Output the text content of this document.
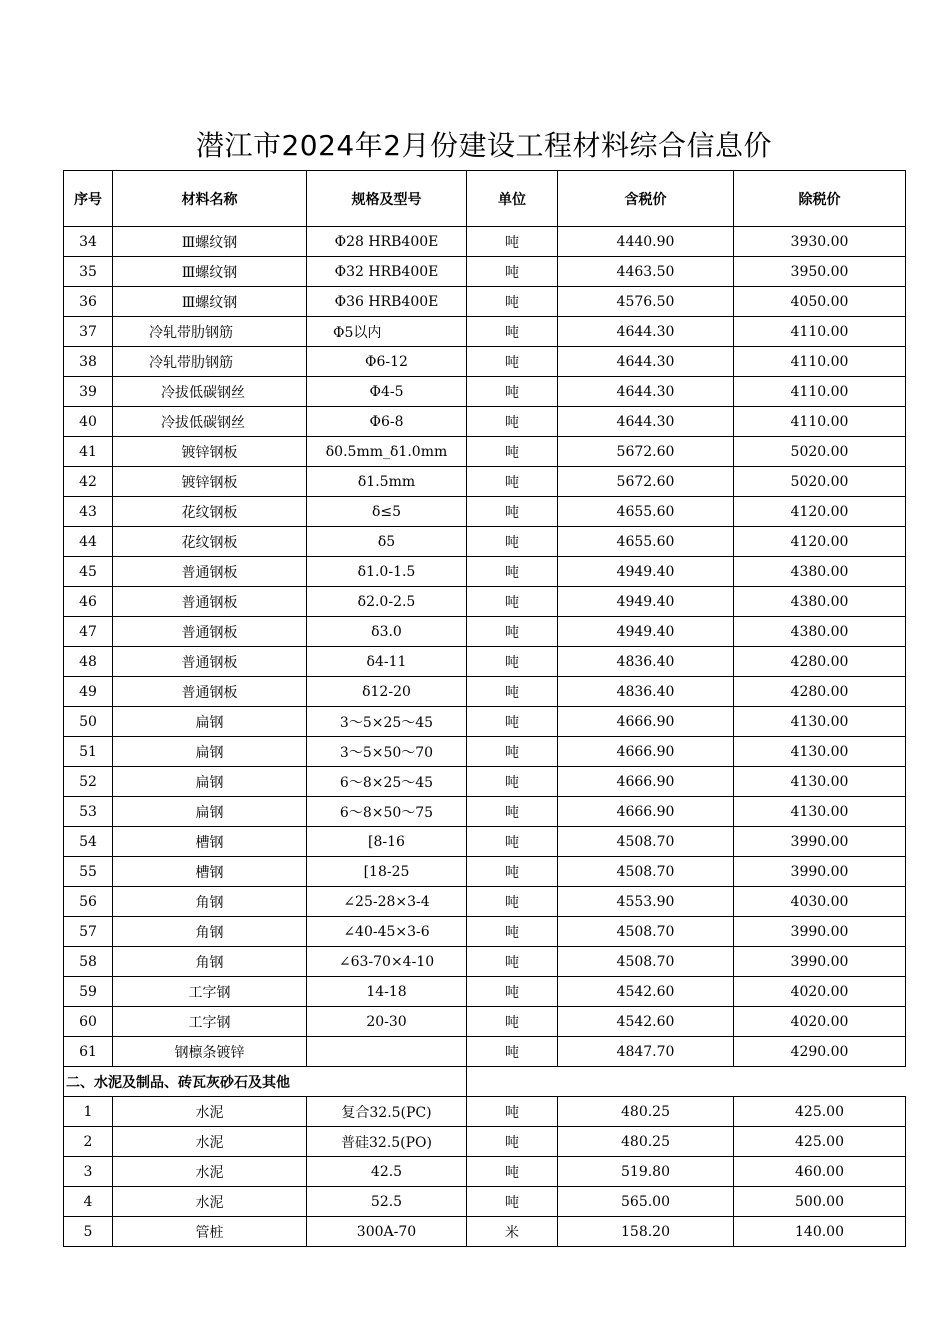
潜江市2024年2月份建设工程材料综合信息价
序号	材料名称	规格及型号	单位	含税价	除税价
34	Ⅲ螺纹钢	Φ28 HRB400E	吨	4440.90	3930.00
35	Ⅲ螺纹钢	Φ32 HRB400E	吨	4463.50	3950.00
36	Ⅲ螺纹钢	Φ36 HRB400E	吨	4576.50	4050.00
37	冷轧带肋钢筋	Φ5以内	吨	4644.30	4110.00
38	冷轧带肋钢筋	Φ6-12	吨	4644.30	4110.00
39	冷拔低碳钢丝	Φ4-5	吨	4644.30	4110.00
40	冷拔低碳钢丝	Φ6-8	吨	4644.30	4110.00
41	镀锌钢板	δ0.5mm_δ1.0mm	吨	5672.60	5020.00
42	镀锌钢板	δ1.5mm	吨	5672.60	5020.00
43	花纹钢板	δ≤5	吨	4655.60	4120.00
44	花纹钢板	δ5	吨	4655.60	4120.00
45	普通钢板	δ1.0-1.5	吨	4949.40	4380.00
46	普通钢板	δ2.0-2.5	吨	4949.40	4380.00
47	普通钢板	δ3.0	吨	4949.40	4380.00
48	普通钢板	δ4-11	吨	4836.40	4280.00
49	普通钢板	δ12-20	吨	4836.40	4280.00
50	扁钢	3～5×25～45	吨	4666.90	4130.00
51	扁钢	3～5×50～70	吨	4666.90	4130.00
52	扁钢	6～8×25～45	吨	4666.90	4130.00
53	扁钢	6～8×50～75	吨	4666.90	4130.00
54	槽钢	[8-16	吨	4508.70	3990.00
55	槽钢	[18-25	吨	4508.70	3990.00
56	角钢	∠25-28×3-4	吨	4553.90	4030.00
57	角钢	∠40-45×3-6	吨	4508.70	3990.00
58	角钢	∠63-70×4-10	吨	4508.70	3990.00
59	工字钢	14-18	吨	4542.60	4020.00
60	工字钢	20-30	吨	4542.60	4020.00
61	钢檩条镀锌		吨	4847.70	4290.00
二、水泥及制品、砖瓦灰砂石及其他					
1	水泥	复合32.5(PC)	吨	480.25	425.00
2	水泥	普硅32.5(PO)	吨	480.25	425.00
3	水泥	42.5	吨	519.80	460.00
4	水泥	52.5	吨	565.00	500.00
5	管桩	300A-70	米	158.20	140.00
